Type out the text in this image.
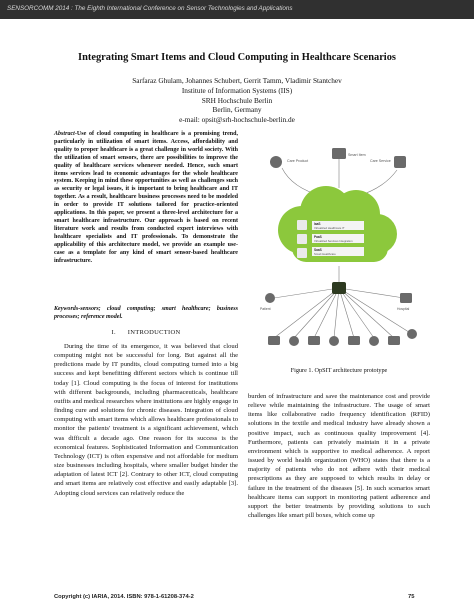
SENSORCOMM 2014 : The Eighth International Conference on Sensor Technologies and Applications
Integrating Smart Items and Cloud Computing in Healthcare Scenarios
Sarfaraz Ghulam, Johannes Schubert, Gerrit Tamm, Vladimir Stantchev
Institute of Information Systems (IIS)
SRH Hochschule Berlin
Berlin, Germany
e-mail: opsit@srh-hochschule-berlin.de
Abstract-Use of cloud computing in healthcare is a promising trend, particularly in utilization of smart items. Access, affordability and quality to proper healthcare is a great challenge in world society. With the utilization of smart sensors, there are possibilities to improve the quality of healthcare services whenever needed. Hence, such smart items services lead to economic advantages for the whole healthcare system. Keeping in mind these opportunities as well as challenges such as security or legal issues, it is important to bring healthcare and IT together. As a result, healthcare business processes need to be modeled in order to provide IT solutions tailored for practice-oriented applications. In this paper, we present a three-level architecture for a smart healthcare infrastructure. Our approach is based on recent literature work and results from conducted expert interviews with healthcare specialists and IT professionals. To demonstrate the applicability of this architecture model, we provide an example use-case as a template for any kind of smart sensor-based healthcare infrastructure.
Keywords-sensors; cloud computing; smart healthcare; business processes; reference model.
I. INTRODUCTION
During the time of its emergence, it was believed that cloud computing might not be successful for long. But against all the predictions made by IT pundits, cloud computing turned into a big success and kept benefitting different sectors which is continue till today [1]. Cloud computing is the focus of interest for institutions with different backgrounds, including pharmaceuticals, healthcare outfits and medical researches where institutions are highly engage in finding cure and solutions for chronic diseases. Integration of cloud computing with smart items which allows healthcare professionals to monitor the patients' treatment is a significant achievement, which was difficult a decade ago. One reason for its success is the economical features. Sophisticated Information and Communication Technology (ICT) is often expensive and not affordable for medium size businesses including hospitals, where smaller budget hinder the adaptation of latest ICT [2]. Contrary to other ICT, cloud computing and smart items are relatively cost effective and easily adaptable [3]. Adopting cloud services can relatively reduce the
Care Product
Smart Item
Care Service
IaaS
Virtualized Healthcare IT
PaaS
Virtualized Services Integration
SaaS
Smart Healthcare
Patient	Hospital
Figure 1. OpSIT architecture prototype
burden of infrastructure and save the maintenance cost and provide relieve while maintaining the infrastructure. The usage of smart items like collaborative radio frequency identification (RFID) solutions in the textile and medical industry have already shown a positive impact, such as continuous quality improvement [4]. Furthermore, patients can privately maintain it in a private environment which is supportive to medical adherence. A report issued by world health organization (WHO) states that there is a majority of patients who do not adhere with their medical prescriptions as they are supposed to which results in delay or failure in the treatment of the diseases [5]. In such scenarios smart healthcare items can support in monitoring patient adherence and support the better treatments by providing solutions to such challenges like smart pill boxes, which come up
Copyright (c) IARIA, 2014. ISBN: 978-1-61208-374-2	75
